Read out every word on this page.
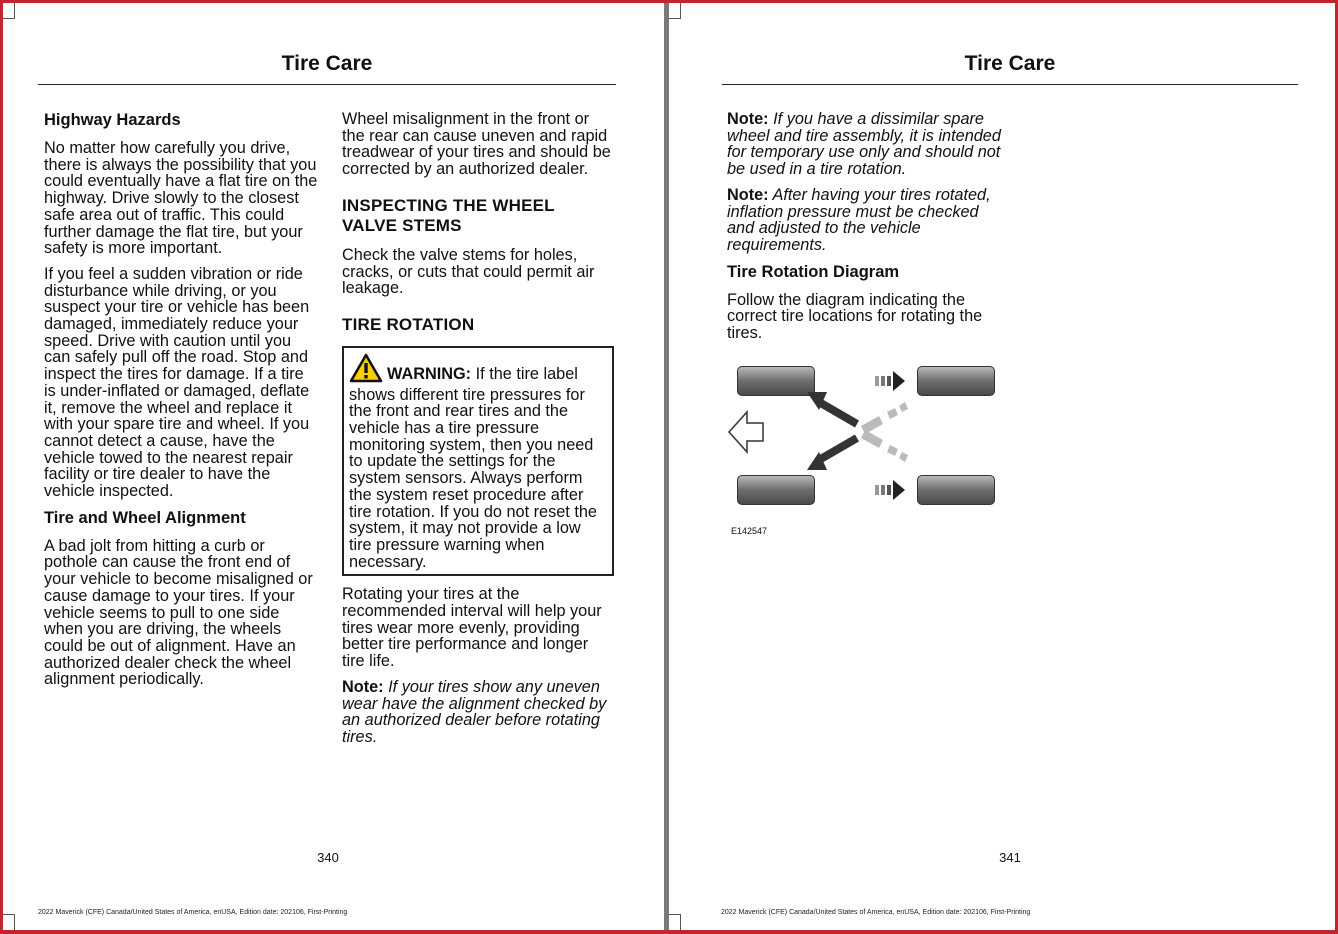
Tire Care
Highway Hazards

No matter how carefully you drive, there is always the possibility that you could eventually have a flat tire on the highway. Drive slowly to the closest safe area out of traffic. This could further damage the flat tire, but your safety is more important.

If you feel a sudden vibration or ride disturbance while driving, or you suspect your tire or vehicle has been damaged, immediately reduce your speed. Drive with caution until you can safely pull off the road. Stop and inspect the tires for damage. If a tire is under-inflated or damaged, deflate it, remove the wheel and replace it with your spare tire and wheel. If you cannot detect a cause, have the vehicle towed to the nearest repair facility or tire dealer to have the vehicle inspected.

Tire and Wheel Alignment

A bad jolt from hitting a curb or pothole can cause the front end of your vehicle to become misaligned or cause damage to your tires. If your vehicle seems to pull to one side when you are driving, the wheels could be out of alignment. Have an authorized dealer check the wheel alignment periodically.

Wheel misalignment in the front or the rear can cause uneven and rapid treadwear of your tires and should be corrected by an authorized dealer.

INSPECTING THE WHEEL VALVE STEMS

Check the valve stems for holes, cracks, or cuts that could permit air leakage.

TIRE ROTATION
WARNING: If the tire label shows different tire pressures for the front and rear tires and the vehicle has a tire pressure monitoring system, then you need to update the settings for the system sensors. Always perform the system reset procedure after tire rotation. If you do not reset the system, it may not provide a low tire pressure warning when necessary.

Rotating your tires at the recommended interval will help your tires wear more evenly, providing better tire performance and longer tire life.

Note: If your tires show any uneven wear have the alignment checked by an authorized dealer before rotating tires.

340
2022 Maverick (CFE) Canada/United States of America, enUSA, Edition date: 202106, First-Printing
Tire Care

Note: If you have a dissimilar spare wheel and tire assembly, it is intended for temporary use only and should not be used in a tire rotation.

Note: After having your tires rotated, inflation pressure must be checked and adjusted to the vehicle requirements.

Tire Rotation Diagram

Follow the diagram indicating the correct tire locations for rotating the tires.

E142547
341
2022 Maverick (CFE) Canada/United States of America, enUSA, Edition date: 202106, First-Printing
